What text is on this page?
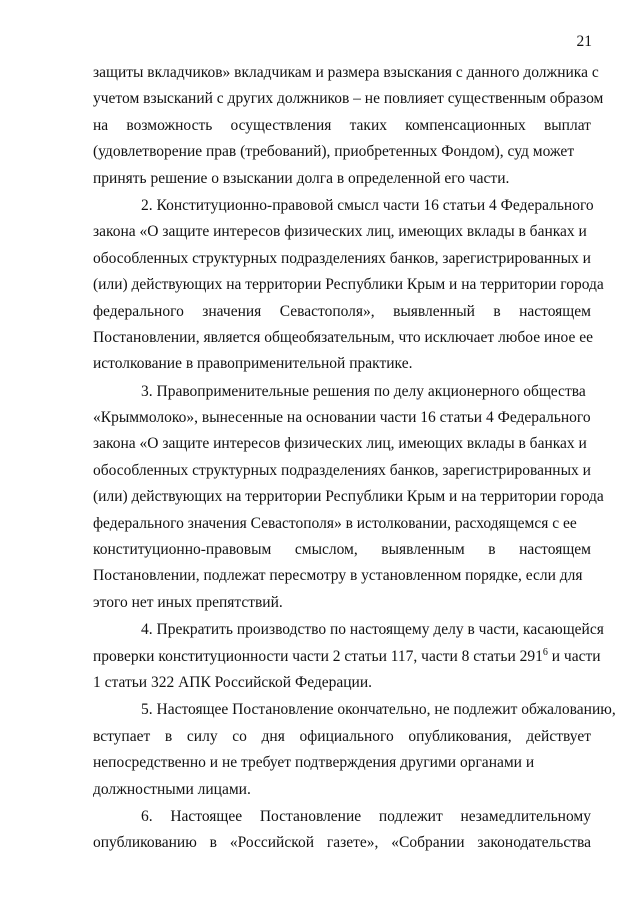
21
защиты вкладчиков» вкладчикам и размера взыскания с данного должника с
учетом взысканий с других должников – не повлияет существенным образом
на возможность осуществления таких компенсационных выплат
(удовлетворение прав (требований), приобретенных Фондом), суд может
принять решение о взыскании долга в определенной его части.
2. Конституционно-правовой смысл части 16 статьи 4 Федерального
закона «О защите интересов физических лиц, имеющих вклады в банках и
обособленных структурных подразделениях банков, зарегистрированных и
(или) действующих на территории Республики Крым и на территории города
федерального значения Севастополя», выявленный в настоящем
Постановлении, является общеобязательным, что исключает любое иное ее
истолкование в правоприменительной практике.
3. Правоприменительные решения по делу акционерного общества
«Крыммолоко», вынесенные на основании части 16 статьи 4 Федерального
закона «О защите интересов физических лиц, имеющих вклады в банках и
обособленных структурных подразделениях банков, зарегистрированных и
(или) действующих на территории Республики Крым и на территории города
федерального значения Севастополя» в истолковании, расходящемся с ее
конституционно-правовым смыслом, выявленным в настоящем
Постановлении, подлежат пересмотру в установленном порядке, если для
этого нет иных препятствий.
4. Прекратить производство по настоящему делу в части, касающейся
проверки конституционности части 2 статьи 117, части 8 статьи $291^6$ и части
1 статьи 322 АПК Российской Федерации.
5. Настоящее Постановление окончательно, не подлежит обжалованию,
вступает в силу со дня официального опубликования, действует
непосредственно и не требует подтверждения другими органами и
должностными лицами.
6. Настоящее Постановление подлежит незамедлительному
опубликованию в «Российской газете», «Собрании законодательства
